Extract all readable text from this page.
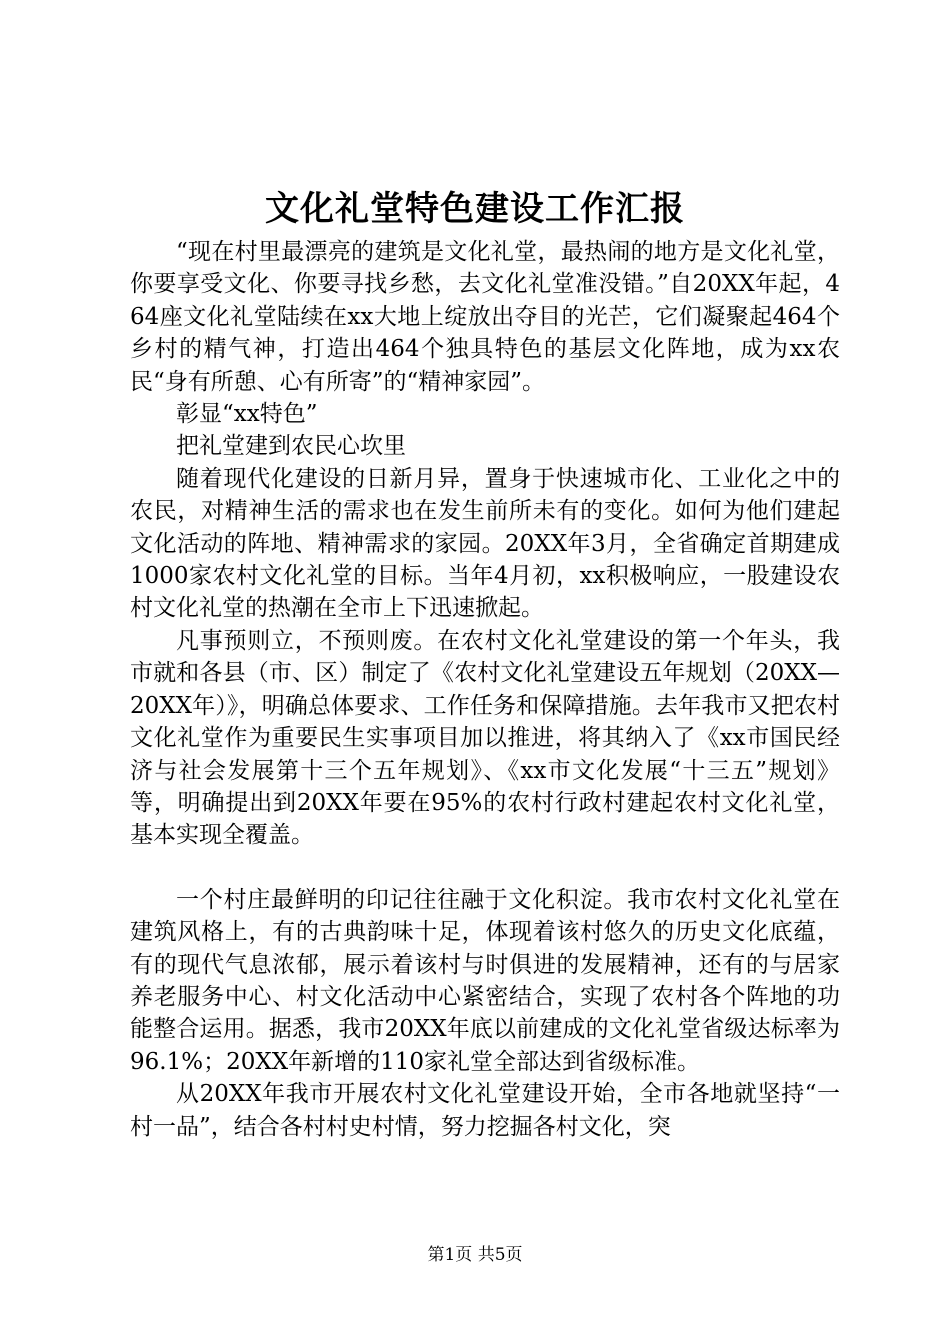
文化礼堂特色建设工作汇报

“现在村里最漂亮的建筑是文化礼堂，最热闹的地方是文化礼堂，你要享受文化、你要寻找乡愁，去文化礼堂准没错。”自20XX年起，464座文化礼堂陆续在xx大地上绽放出夺目的光芒，它们凝聚起464个乡村的精气神，打造出464个独具特色的基层文化阵地，成为xx农民“身有所憩、心有所寄”的“精神家园”。

彰显“xx特色”

把礼堂建到农民心坎里

随着现代化建设的日新月异，置身于快速城市化、工业化之中的农民，对精神生活的需求也在发生前所未有的变化。如何为他们建起文化活动的阵地、精神需求的家园。20XX年3月，全省确定首期建成1000家农村文化礼堂的目标。当年4月初，xx积极响应，一股建设农村文化礼堂的热潮在全市上下迅速掀起。

凡事预则立，不预则废。在农村文化礼堂建设的第一个年头，我市就和各县（市、区）制定了《农村文化礼堂建设五年规划（20XX—20XX年）》，明确总体要求、工作任务和保障措施。去年我市又把农村文化礼堂作为重要民生实事项目加以推进，将其纳入了《xx市国民经济与社会发展第十三个五年规划》、《xx市文化发展“十三五”规划》等，明确提出到20XX年要在95%的农村行政村建起农村文化礼堂，基本实现全覆盖。

一个村庄最鲜明的印记往往融于文化积淀。我市农村文化礼堂在建筑风格上，有的古典韵味十足，体现着该村悠久的历史文化底蕴，有的现代气息浓郁，展示着该村与时俱进的发展精神，还有的与居家养老服务中心、村文化活动中心紧密结合，实现了农村各个阵地的功能整合运用。据悉，我市20XX年底以前建成的文化礼堂省级达标率为96.1%；20XX年新增的110家礼堂全部达到省级标准。

从20XX年我市开展农村文化礼堂建设开始，全市各地就坚持“一村一品”，结合各村村史村情，努力挖掘各村文化，突

第1页 共5页
